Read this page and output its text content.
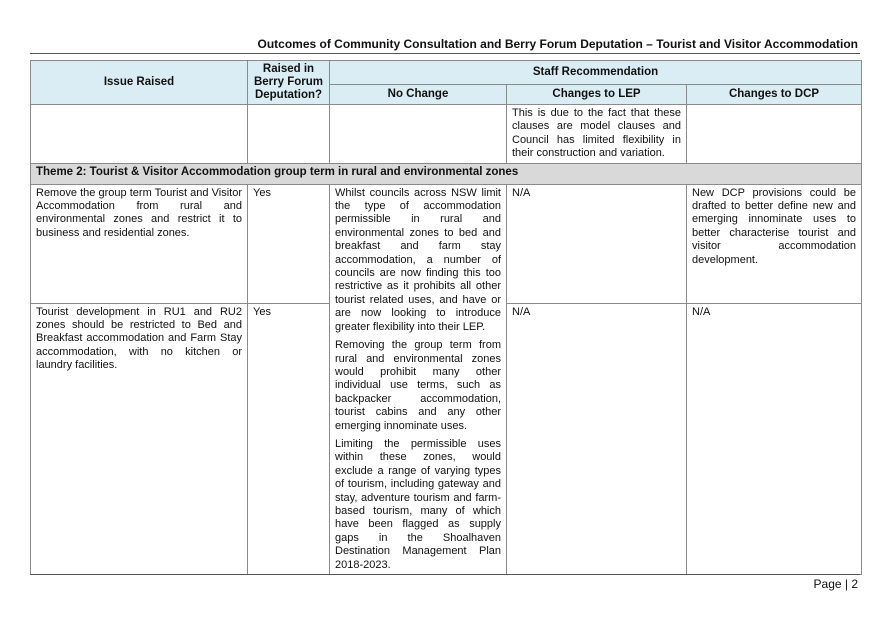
Outcomes of Community Consultation and Berry Forum Deputation – Tourist and Visitor Accommodation
Issue Raised	Raised in Berry Forum Deputation?	Staff Recommendation		
		No Change	Changes to LEP	Changes to DCP
			This is due to the fact that these clauses are model clauses and Council has limited flexibility in their construction and variation.	
Theme 2: Tourist & Visitor Accommodation group term in rural and environmental zones				
Remove the group term Tourist and Visitor Accommodation from rural and environmental zones and restrict it to business and residential zones.	Yes	Whilst councils across NSW limit the type of accommodation permissible in rural and environmental zones to bed and breakfast and farm stay accommodation, a number of councils are now finding this too restrictive as it prohibits all other tourist related uses, and have or are now looking to introduce greater flexibility into their LEP.

Removing the group term from rural and environmental zones would prohibit many other individual use terms, such as backpacker accommodation, tourist cabins and any other emerging innominate uses.

Limiting the permissible uses within these zones, would exclude a range of varying types of tourism, including gateway and stay, adventure tourism and farm-based tourism, many of which have been flagged as supply gaps in the Shoalhaven Destination Management Plan 2018-2023.	N/A	New DCP provisions could be drafted to better define new and emerging innominate uses to better characterise tourist and visitor accommodation development.
Tourist development in RU1 and RU2 zones should be restricted to Bed and Breakfast accommodation and Farm Stay accommodation, with no kitchen or laundry facilities.	Yes		N/A	N/A
Page | 2
